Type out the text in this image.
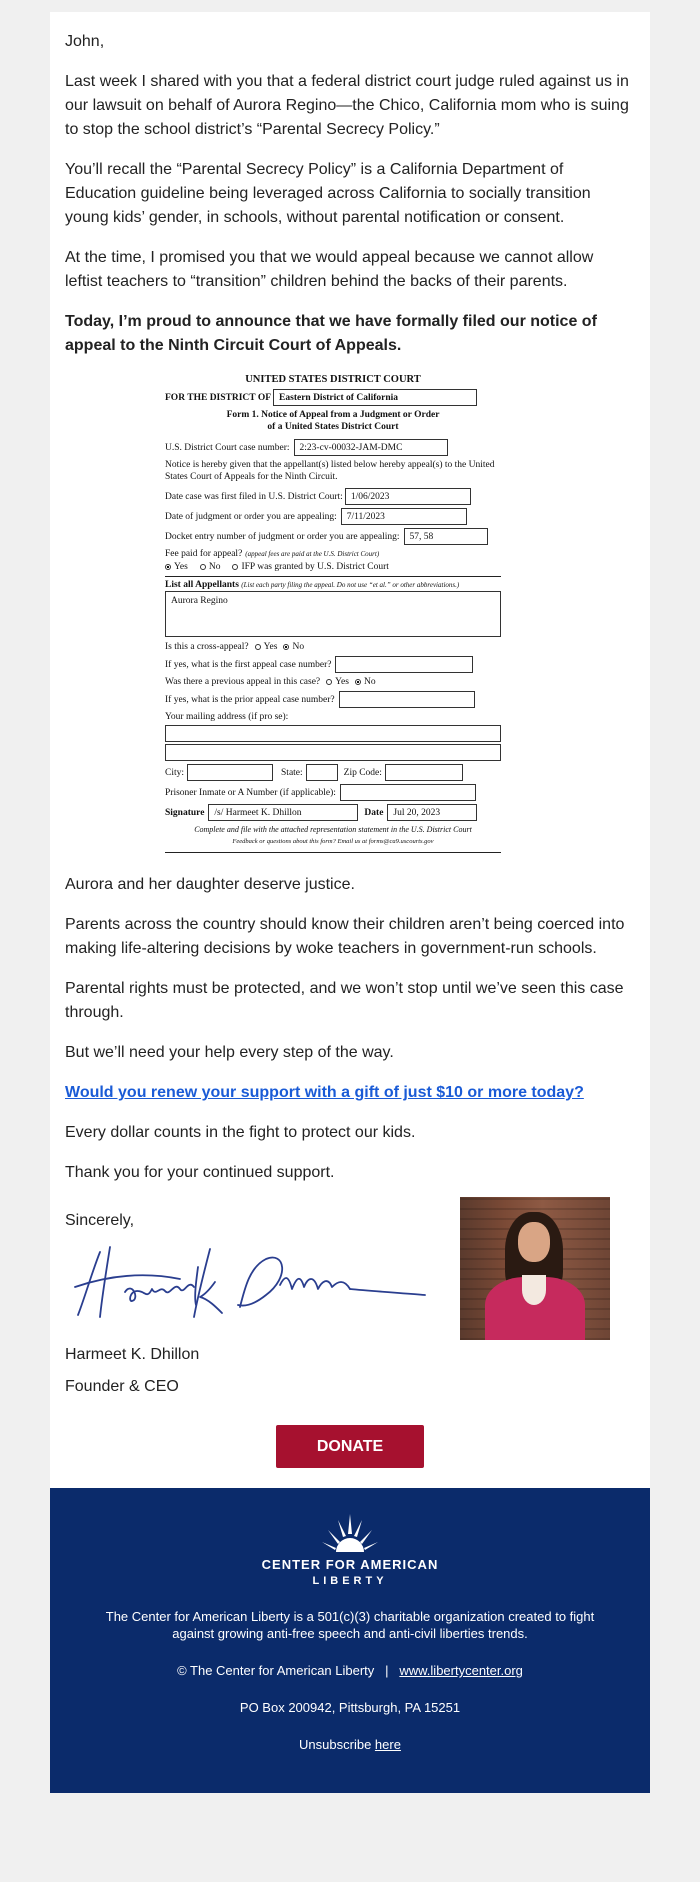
John,

Last week I shared with you that a federal district court judge ruled against us in our lawsuit on behalf of Aurora Regino—the Chico, California mom who is suing to stop the school district’s “Parental Secrecy Policy.”

You’ll recall the “Parental Secrecy Policy” is a California Department of Education guideline being leveraged across California to socially transition young kids’ gender, in schools, without parental notification or consent.

At the time, I promised you that we would appeal because we cannot allow leftist teachers to “transition” children behind the backs of their parents.

Today, I’m proud to announce that we have formally filed our notice of appeal to the Ninth Circuit Court of Appeals.

UNITED STATES DISTRICT COURT
FOR THE DISTRICT OF Eastern District of California
Form 1. Notice of Appeal from a Judgment or Order of a United States District Court
U.S. District Court case number:	2:23-cv-00032-JAM-DMC
Notice is hereby given that the appellant(s) listed below hereby appeal(s) to the United States Court of Appeals for the Ninth Circuit.
Date case was first filed in U.S. District Court: 1/06/2023
Date of judgment or order you are appealing:	7/11/2023
Docket entry number of judgment or order you are appealing:	57, 58
Fee paid for appeal? (appeal fees are paid at the U.S. District Court)
Yes No IFP was granted by U.S. District Court
List all Appellants (List each party filing the appeal. Do not use “et al.” or other abbreviations.)
Aurora Regino
Is this a cross-appeal? Yes No
If yes, what is the first appeal case number?
Was there a previous appeal in this case? Yes No
If yes, what is the prior appeal case number?
Your mailing address (if pro se):
City:	State:	Zip Code:
Prisoner Inmate or A Number (if applicable):
Signature	/s/ Harmeet K. Dhillon	Date	Jul 20, 2023
Complete and file with the attached representation statement in the U.S. District Court
Feedback or questions about this form? Email us at forms@ca9.uscourts.gov

Aurora and her daughter deserve justice.

Parents across the country should know their children aren’t being coerced into making life-altering decisions by woke teachers in government-run schools.

Parental rights must be protected, and we won’t stop until we’ve seen this case through.

But we’ll need your help every step of the way.

Would you renew your support with a gift of just $10 or more today?

Every dollar counts in the fight to protect our kids.

Thank you for your continued support.

Sincerely,
Harmeet K. Dhillon
Founder & CEO
DONATE
CENTER FOR AMERICAN
LIBERTY

The Center for American Liberty is a 501(c)(3) charitable organization created to fight against growing anti-free speech and anti-civil liberties trends.

© The Center for American Liberty | www.libertycenter.org

PO Box 200942, Pittsburgh, PA 15251

Unsubscribe here
